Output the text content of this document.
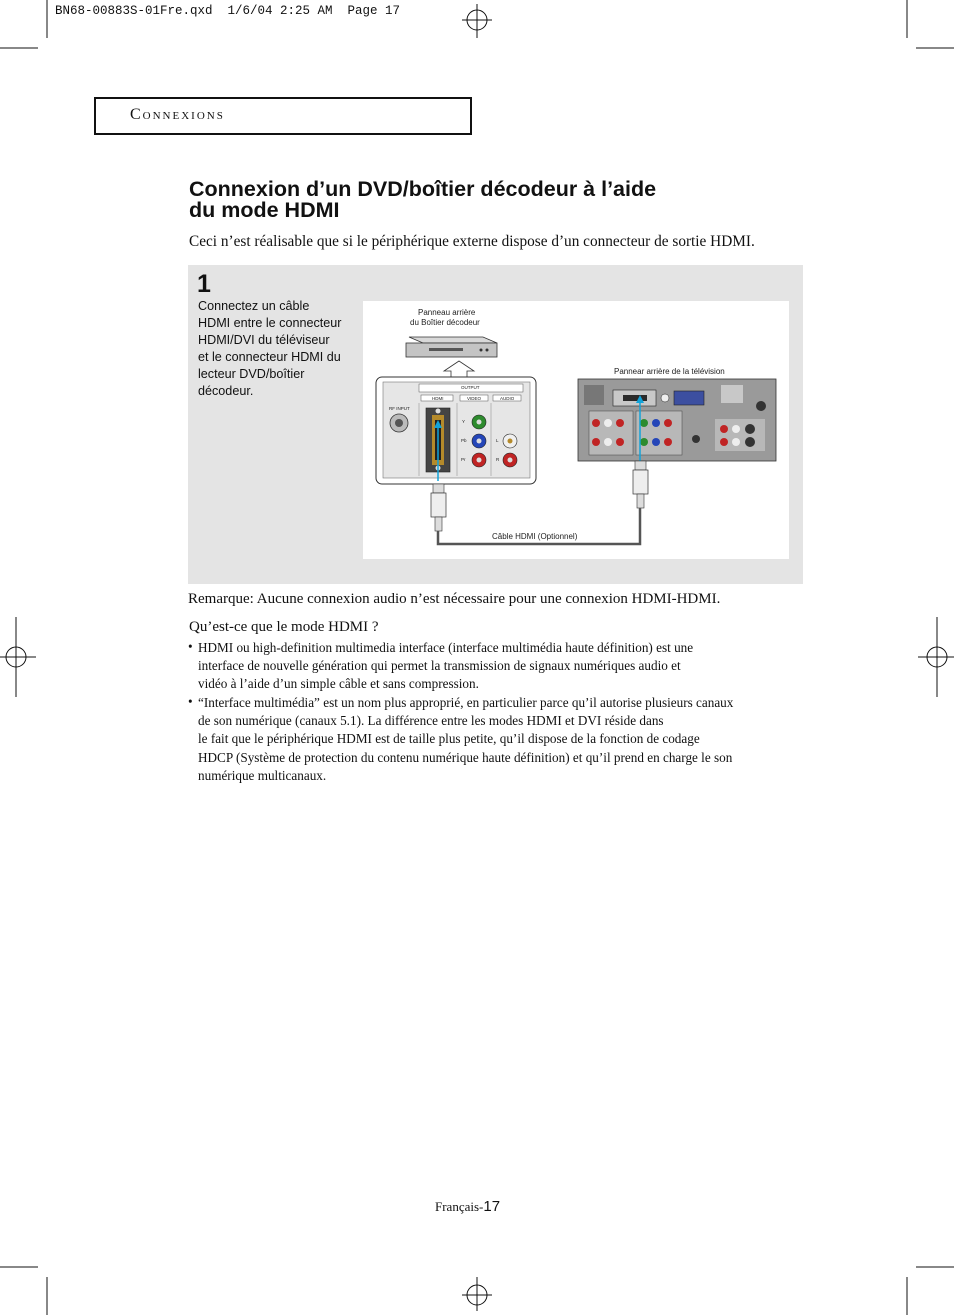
BN68-00883S-01Fre.qxd  1/6/04 2:25 AM  Page 17
Connexions
Connexion d’un DVD/boîtier décodeur à l’aide
du mode HDMI
Ceci n’est réalisable que si le périphérique externe dispose d’un connecteur de sortie HDMI.
1
Connectez un câble
HDMI entre le connecteur
HDMI/DVI du téléviseur
et le connecteur HDMI du
lecteur DVD/boîtier
décodeur.
Panneau arrière
du Boîtier décodeur
Pannear arrière de la télévision
Câble HDMI (Optionnel)
OUTPUT
HDMI	VIDEO	AUDIO
RF INPUT
Y
Pb
Pr
L
R
Remarque: Aucune connexion audio n’est nécessaire pour une connexion HDMI-HDMI.
Qu’est-ce que le mode HDMI ?
• HDMI ou high-definition multimedia interface (interface multimédia haute définition) est une
interface de nouvelle génération qui permet la transmission de signaux numériques audio et
vidéo à l’aide d’un simple câble et sans compression.
• “Interface multimédia” est un nom plus approprié, en particulier parce qu’il autorise plusieurs canaux
de son numérique (canaux 5.1). La différence entre les modes HDMI et DVI réside dans
le fait que le périphérique HDMI est de taille plus petite, qu’il dispose de la fonction de codage
HDCP (Système de protection du contenu numérique haute définition) et qu’il prend en charge le son
numérique multicanaux.
Français-17
